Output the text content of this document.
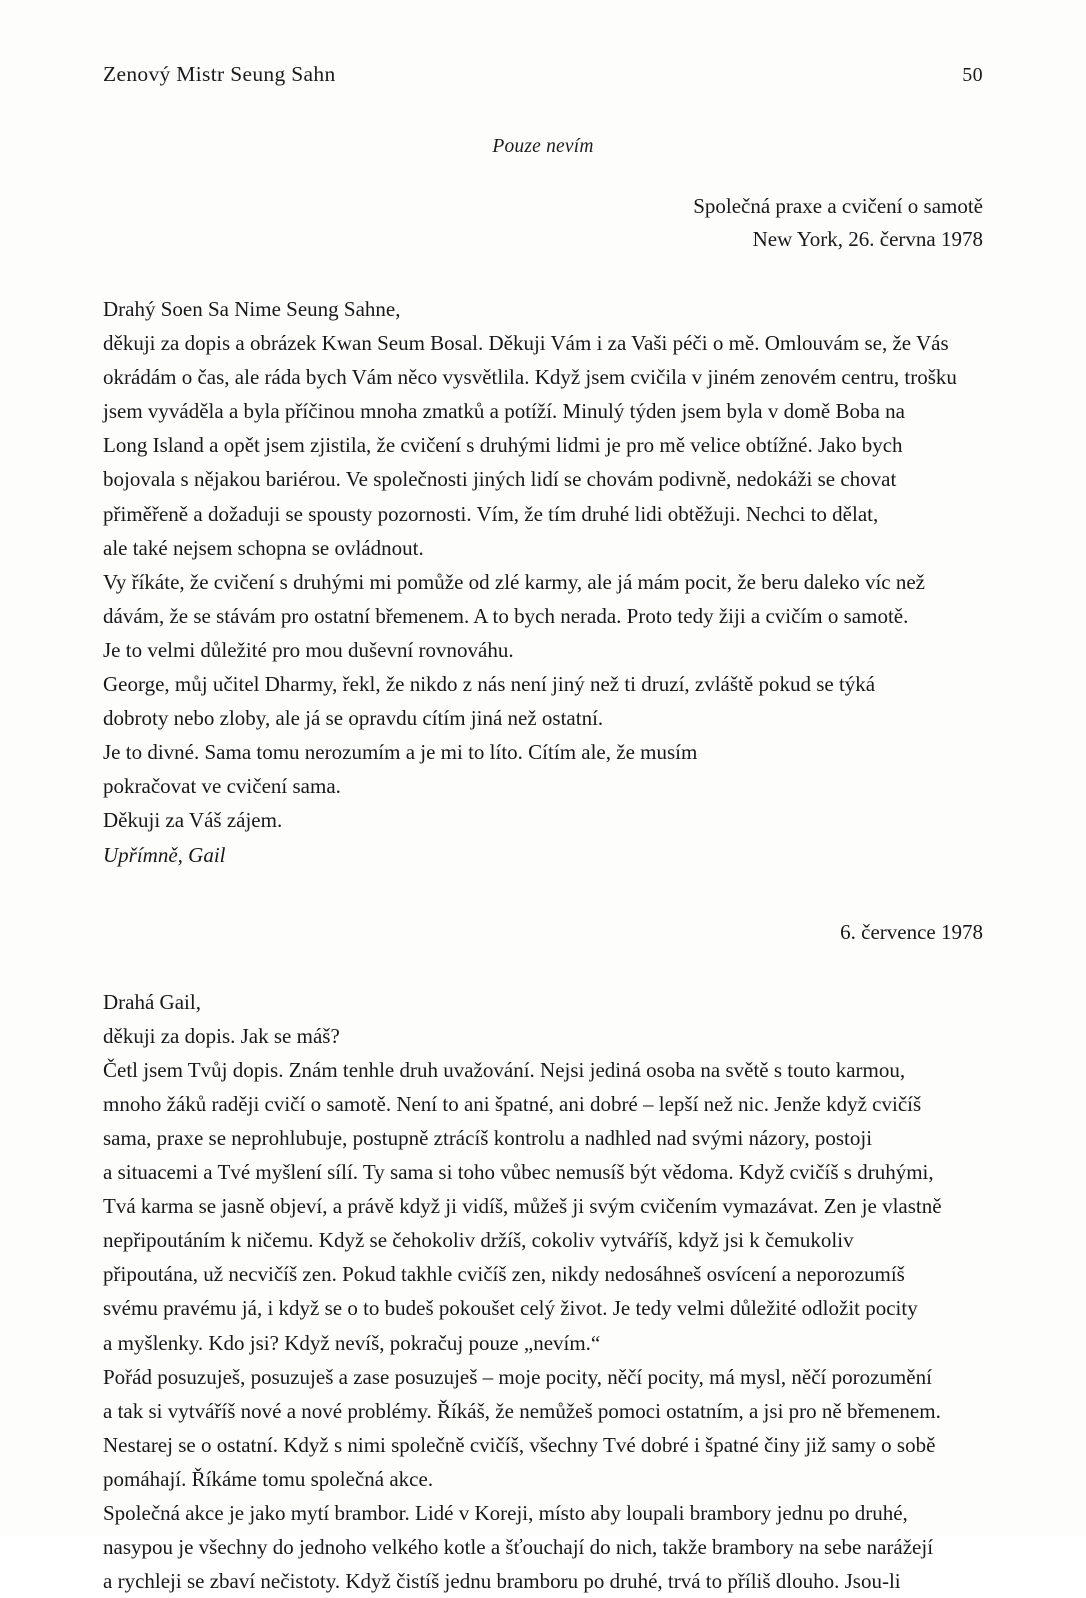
Zenový Mistr Seung Sahn	50
Pouze nevím
Společná praxe a cvičení o samotě
New York, 26. června 1978

Drahý Soen Sa Nime Seung Sahne,

děkuji za dopis a obrázek Kwan Seum Bosal. Děkuji Vám i za Vaši péči o mě. Omlouvám se, že Vás
okrádám o čas, ale ráda bych Vám něco vysvětlila. Když jsem cvičila v jiném zenovém centru, trošku
jsem vyváděla a byla příčinou mnoha zmatků a potíží. Minulý týden jsem byla v domě Boba na
Long Island a opět jsem zjistila, že cvičení s druhými lidmi je pro mě velice obtížné. Jako bych
bojovala s nějakou bariérou. Ve společnosti jiných lidí se chovám podivně, nedokáži se chovat
přiměřeně a dožaduji se spousty pozornosti. Vím, že tím druhé lidi obtěžuji. Nechci to dělat,
ale také nejsem schopna se ovládnout.

Vy říkáte, že cvičení s druhými mi pomůže od zlé karmy, ale já mám pocit, že beru daleko víc než
dávám, že se stávám pro ostatní břemenem. A to bych nerada. Proto tedy žiji a cvičím o samotě.
Je to velmi důležité pro mou duševní rovnováhu.

George, můj učitel Dharmy, řekl, že nikdo z nás není jiný než ti druzí, zvláště pokud se týká
dobroty nebo zloby, ale já se opravdu cítím jiná než ostatní.

Je to divné. Sama tomu nerozumím a je mi to líto. Cítím ale, že musím
pokračovat ve cvičení sama.

Děkuji za Váš zájem.
Upřímně, Gail

6. července 1978

Drahá Gail,

děkuji za dopis. Jak se máš?

Četl jsem Tvůj dopis. Znám tenhle druh uvažování. Nejsi jediná osoba na světě s touto karmou,
mnoho žáků raději cvičí o samotě. Není to ani špatné, ani dobré – lepší než nic. Jenže když cvičíš
sama, praxe se neprohlubuje, postupně ztrácíš kontrolu a nadhled nad svými názory, postoji
a situacemi a Tvé myšlení sílí. Ty sama si toho vůbec nemusíš být vědoma. Když cvičíš s druhými,
Tvá karma se jasně objeví, a právě když ji vidíš, můžeš ji svým cvičením vymazávat. Zen je vlastně
nepřipoutáním k ničemu. Když se čehokoliv držíš, cokoliv vytváříš, když jsi k čemukoliv
připoutána, už necvičíš zen. Pokud takhle cvičíš zen, nikdy nedosáhneš osvícení a neporozumíš
svému pravému já, i když se o to budeš pokoušet celý život. Je tedy velmi důležité odložit pocity
a myšlenky. Kdo jsi? Když nevíš, pokračuj pouze „nevím.“

Pořád posuzuješ, posuzuješ a zase posuzuješ – moje pocity, něčí pocity, má mysl, něčí porozumění
a tak si vytváříš nové a nové problémy. Říkáš, že nemůžeš pomoci ostatním, a jsi pro ně břemenem.
Nestarej se o ostatní. Když s nimi společně cvičíš, všechny Tvé dobré i špatné činy již samy o sobě
pomáhají. Říkáme tomu společná akce.

Společná akce je jako mytí brambor. Lidé v Koreji, místo aby loupali brambory jednu po druhé,
nasypou je všechny do jednoho velkého kotle a šťouchají do nich, takže brambory na sebe narážejí
a rychleji se zbaví nečistoty. Když čistíš jednu bramboru po druhé, trvá to příliš dlouho. Jsou-li
